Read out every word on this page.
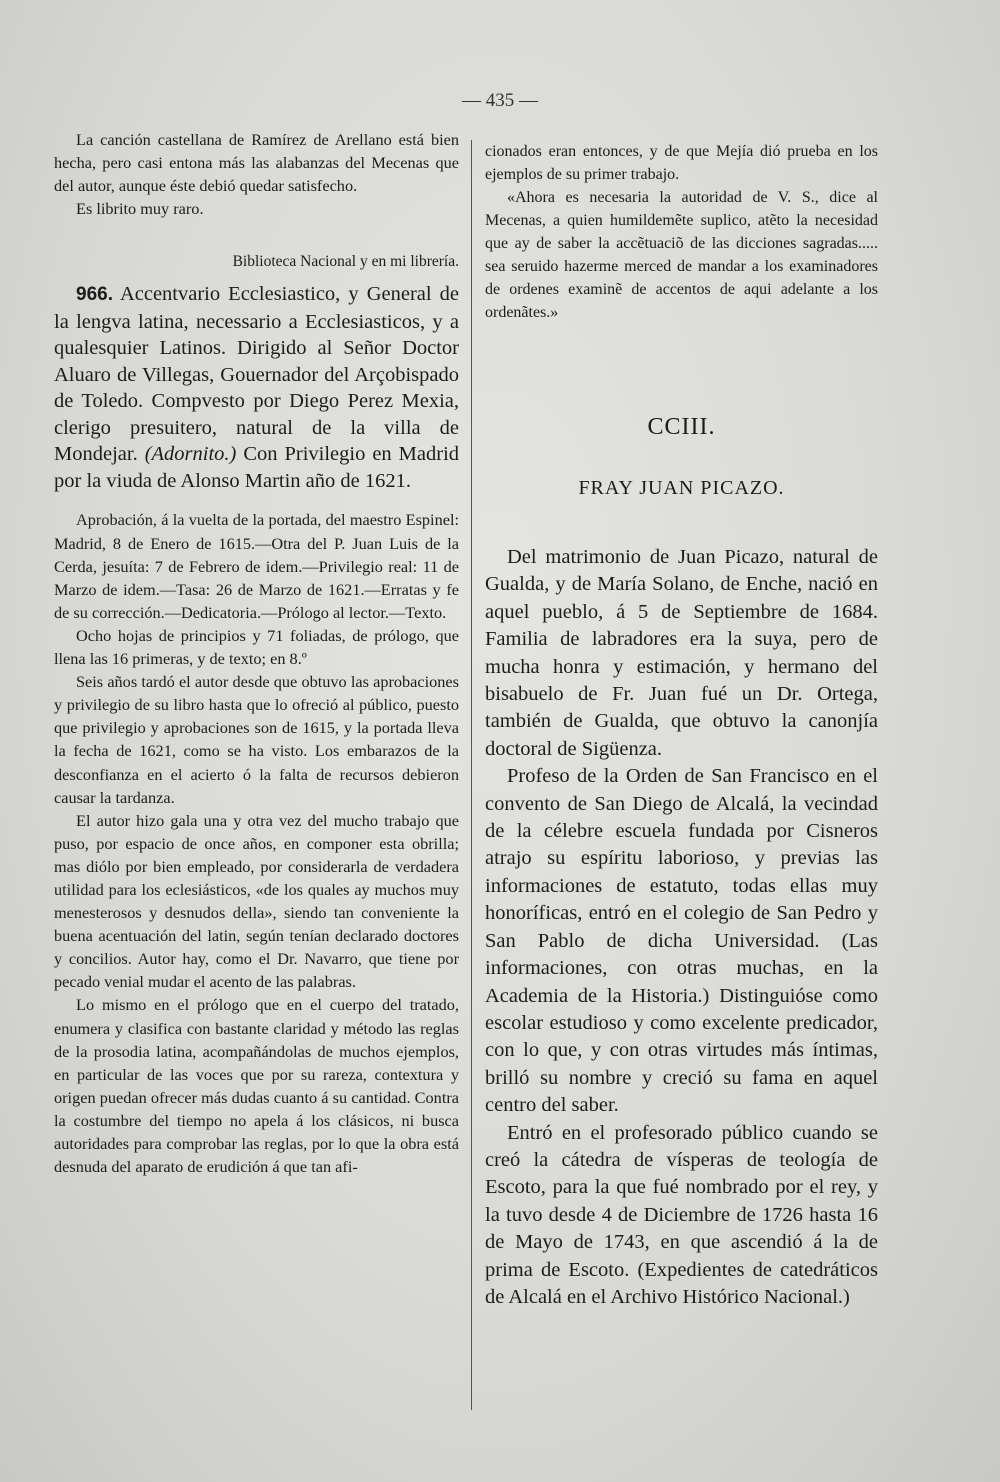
— 435 —

La canción castellana de Ramírez de Arellano está bien hecha, pero casi entona más las alabanzas del Mecenas que del autor, aunque éste debió quedar satisfecho.

Es librito muy raro.

Biblioteca Nacional y en mi librería.

966. Accentvario Ecclesiastico, y General de la lengva latina, necessario a Ecclesiasticos, y a qualesquier Latinos. Dirigido al Señor Doctor Aluaro de Villegas, Gouernador del Arçobispado de Toledo. Compvesto por Diego Perez Mexia, clerigo presuitero, natural de la villa de Mondejar. (Adornito.) Con Privilegio en Madrid por la viuda de Alonso Martin año de 1621.

Aprobación, á la vuelta de la portada, del maestro Espinel: Madrid, 8 de Enero de 1615.—Otra del P. Juan Luis de la Cerda, jesuíta: 7 de Febrero de idem.—Privilegio real: 11 de Marzo de idem.—Tasa: 26 de Marzo de 1621.—Erratas y fe de su corrección.—Dedicatoria.—Prólogo al lector.—Texto.

Ocho hojas de principios y 71 foliadas, de prólogo, que llena las 16 primeras, y de texto; en 8.º

Seis años tardó el autor desde que obtuvo las aprobaciones y privilegio de su libro hasta que lo ofreció al público, puesto que privilegio y aprobaciones son de 1615, y la portada lleva la fecha de 1621, como se ha visto. Los embarazos de la desconfianza en el acierto ó la falta de recursos debieron causar la tardanza.

El autor hizo gala una y otra vez del mucho trabajo que puso, por espacio de once años, en componer esta obrilla; mas diólo por bien empleado, por considerarla de verdadera utilidad para los eclesiásticos, «de los quales ay muchos muy menesterosos y desnudos della», siendo tan conveniente la buena acentuación del latin, según tenían declarado doctores y concilios. Autor hay, como el Dr. Navarro, que tiene por pecado venial mudar el acento de las palabras.

Lo mismo en el prólogo que en el cuerpo del tratado, enumera y clasifica con bastante claridad y método las reglas de la prosodia latina, acompañándolas de muchos ejemplos, en particular de las voces que por su rareza, contextura y origen puedan ofrecer más dudas cuanto á su cantidad. Contra la costumbre del tiempo no apela á los clásicos, ni busca autoridades para comprobar las reglas, por lo que la obra está desnuda del aparato de erudición á que tan afi-

cionados eran entonces, y de que Mejía dió prueba en los ejemplos de su primer trabajo.

«Ahora es necesaria la autoridad de V. S., dice al Mecenas, a quien humildemẽte suplico, atẽto la necesidad que ay de saber la accẽtuaciõ de las dicciones sagradas..... sea seruido hazerme merced de mandar a los examinadores de ordenes examinẽ de accentos de aqui adelante a los ordenãtes.»

CCIII.

FRAY JUAN PICAZO.

Del matrimonio de Juan Picazo, natural de Gualda, y de María Solano, de Enche, nació en aquel pueblo, á 5 de Septiembre de 1684. Familia de labradores era la suya, pero de mucha honra y estimación, y hermano del bisabuelo de Fr. Juan fué un Dr. Ortega, también de Gualda, que obtuvo la canonjía doctoral de Sigüenza.

Profeso de la Orden de San Francisco en el convento de San Diego de Alcalá, la vecindad de la célebre escuela fundada por Cisneros atrajo su espíritu laborioso, y previas las informaciones de estatuto, todas ellas muy honoríficas, entró en el colegio de San Pedro y San Pablo de dicha Universidad. (Las informaciones, con otras muchas, en la Academia de la Historia.) Distinguióse como escolar estudioso y como excelente predicador, con lo que, y con otras virtudes más íntimas, brilló su nombre y creció su fama en aquel centro del saber.

Entró en el profesorado público cuando se creó la cátedra de vísperas de teología de Escoto, para la que fué nombrado por el rey, y la tuvo desde 4 de Diciembre de 1726 hasta 16 de Mayo de 1743, en que ascendió á la de prima de Escoto. (Expedientes de catedráticos de Alcalá en el Archivo Histórico Nacional.)
